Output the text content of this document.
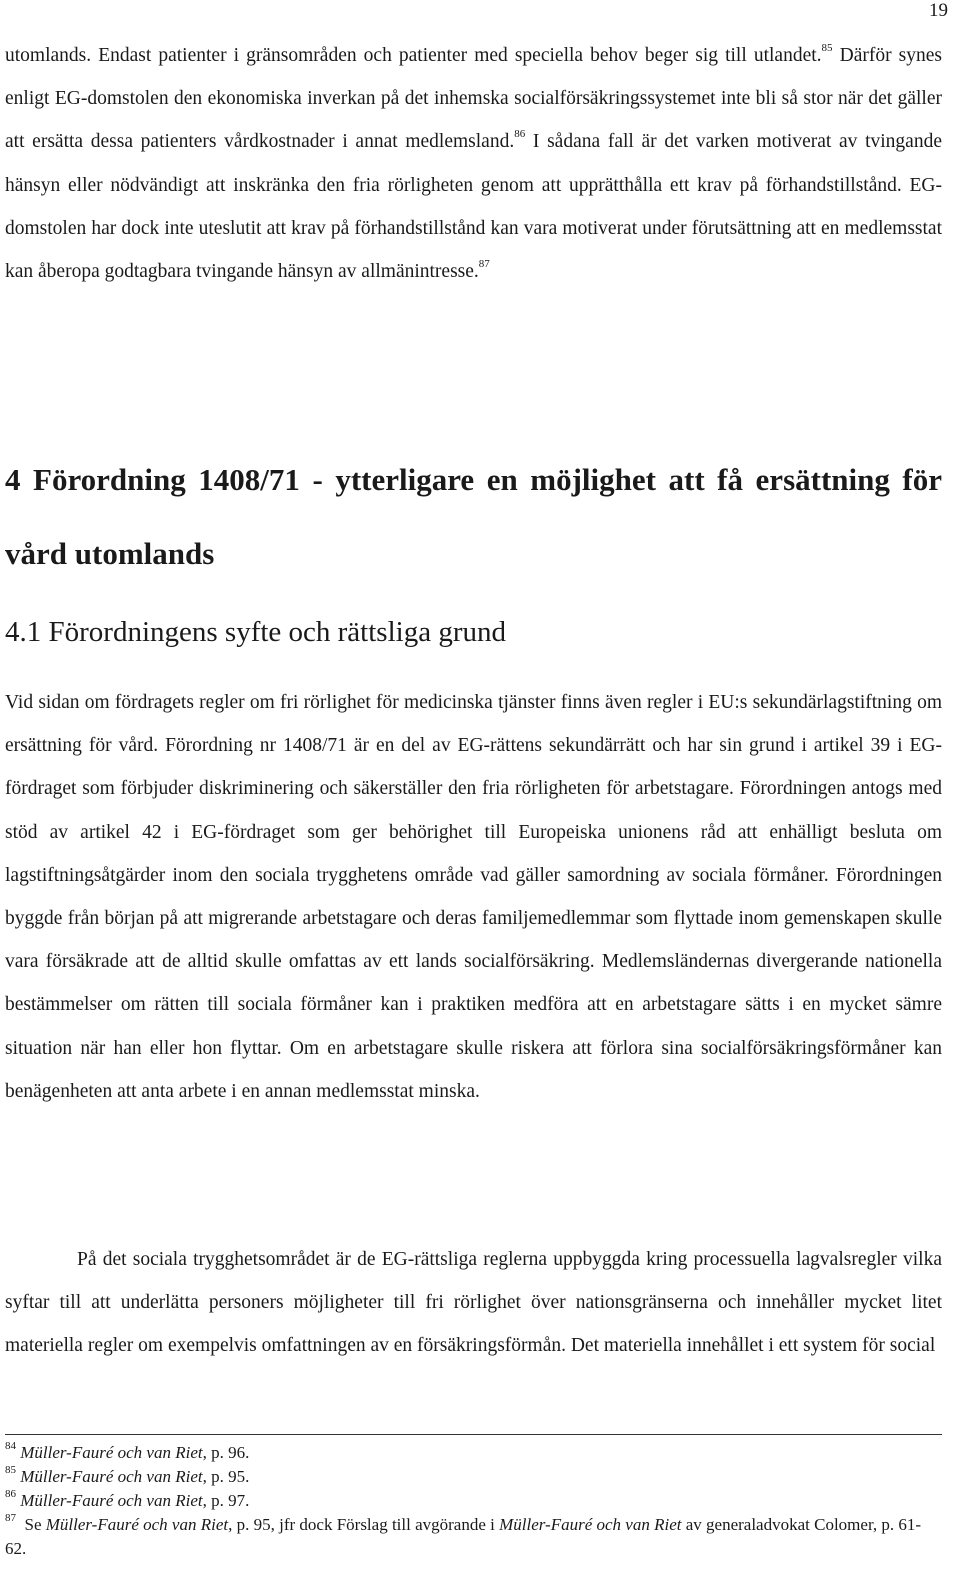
19

utomlands. Endast patienter i gränsområden och patienter med speciella behov beger sig till utlandet.$^{85}$ Därför synes enligt EG-domstolen den ekonomiska inverkan på det inhemska socialförsäkringssystemet inte bli så stor när det gäller att ersätta dessa patienters vårdkostnader i annat medlemsland.$^{86}$ I sådana fall är det varken motiverat av tvingande hänsyn eller nödvändigt att inskränka den fria rörligheten genom att upprätthålla ett krav på förhandstillstånd. EG-domstolen har dock inte uteslutit att krav på förhandstillstånd kan vara motiverat under förutsättning att en medlemsstat kan åberopa godtagbara tvingande hänsyn av allmänintresse.$^{87}$

4 Förordning 1408/71 - ytterligare en möjlighet att få ersättning för vård utomlands
4.1 Förordningens syfte och rättsliga grund

Vid sidan om fördragets regler om fri rörlighet för medicinska tjänster finns även regler i EU:s sekundärlagstiftning om ersättning för vård. Förordning nr 1408/71 är en del av EG-rättens sekundärrätt och har sin grund i artikel 39 i EG-fördraget som förbjuder diskriminering och säkerställer den fria rörligheten för arbetstagare. Förordningen antogs med stöd av artikel 42 i EG-fördraget som ger behörighet till Europeiska unionens råd att enhälligt besluta om lagstiftningsåtgärder inom den sociala trygghetens område vad gäller samordning av sociala förmåner. Förordningen byggde från början på att migrerande arbetstagare och deras familjemedlemmar som flyttade inom gemenskapen skulle vara försäkrade att de alltid skulle omfattas av ett lands socialförsäkring. Medlemsländernas divergerande nationella bestämmelser om rätten till sociala förmåner kan i praktiken medföra att en arbetstagare sätts i en mycket sämre situation när han eller hon flyttar. Om en arbetstagare skulle riskera att förlora sina socialförsäkringsförmåner kan benägenheten att anta arbete i en annan medlemsstat minska.

På det sociala trygghetsområdet är de EG-rättsliga reglerna uppbyggda kring processuella lagvalsregler vilka syftar till att underlätta personers möjligheter till fri rörlighet över nationsgränserna och innehåller mycket litet materiella regler om exempelvis omfattningen av en försäkringsförmån. Det materiella innehållet i ett system för social

$^{84}$ Müller-Fauré och van Riet, p. 96.

$^{85}$ Müller-Fauré och van Riet, p. 95.

$^{86}$ Müller-Fauré och van Riet, p. 97.

$^{87}$  Se Müller-Fauré och van Riet, p. 95, jfr dock Förslag till avgörande i Müller-Fauré och van Riet av generaladvokat Colomer, p. 61-62.
